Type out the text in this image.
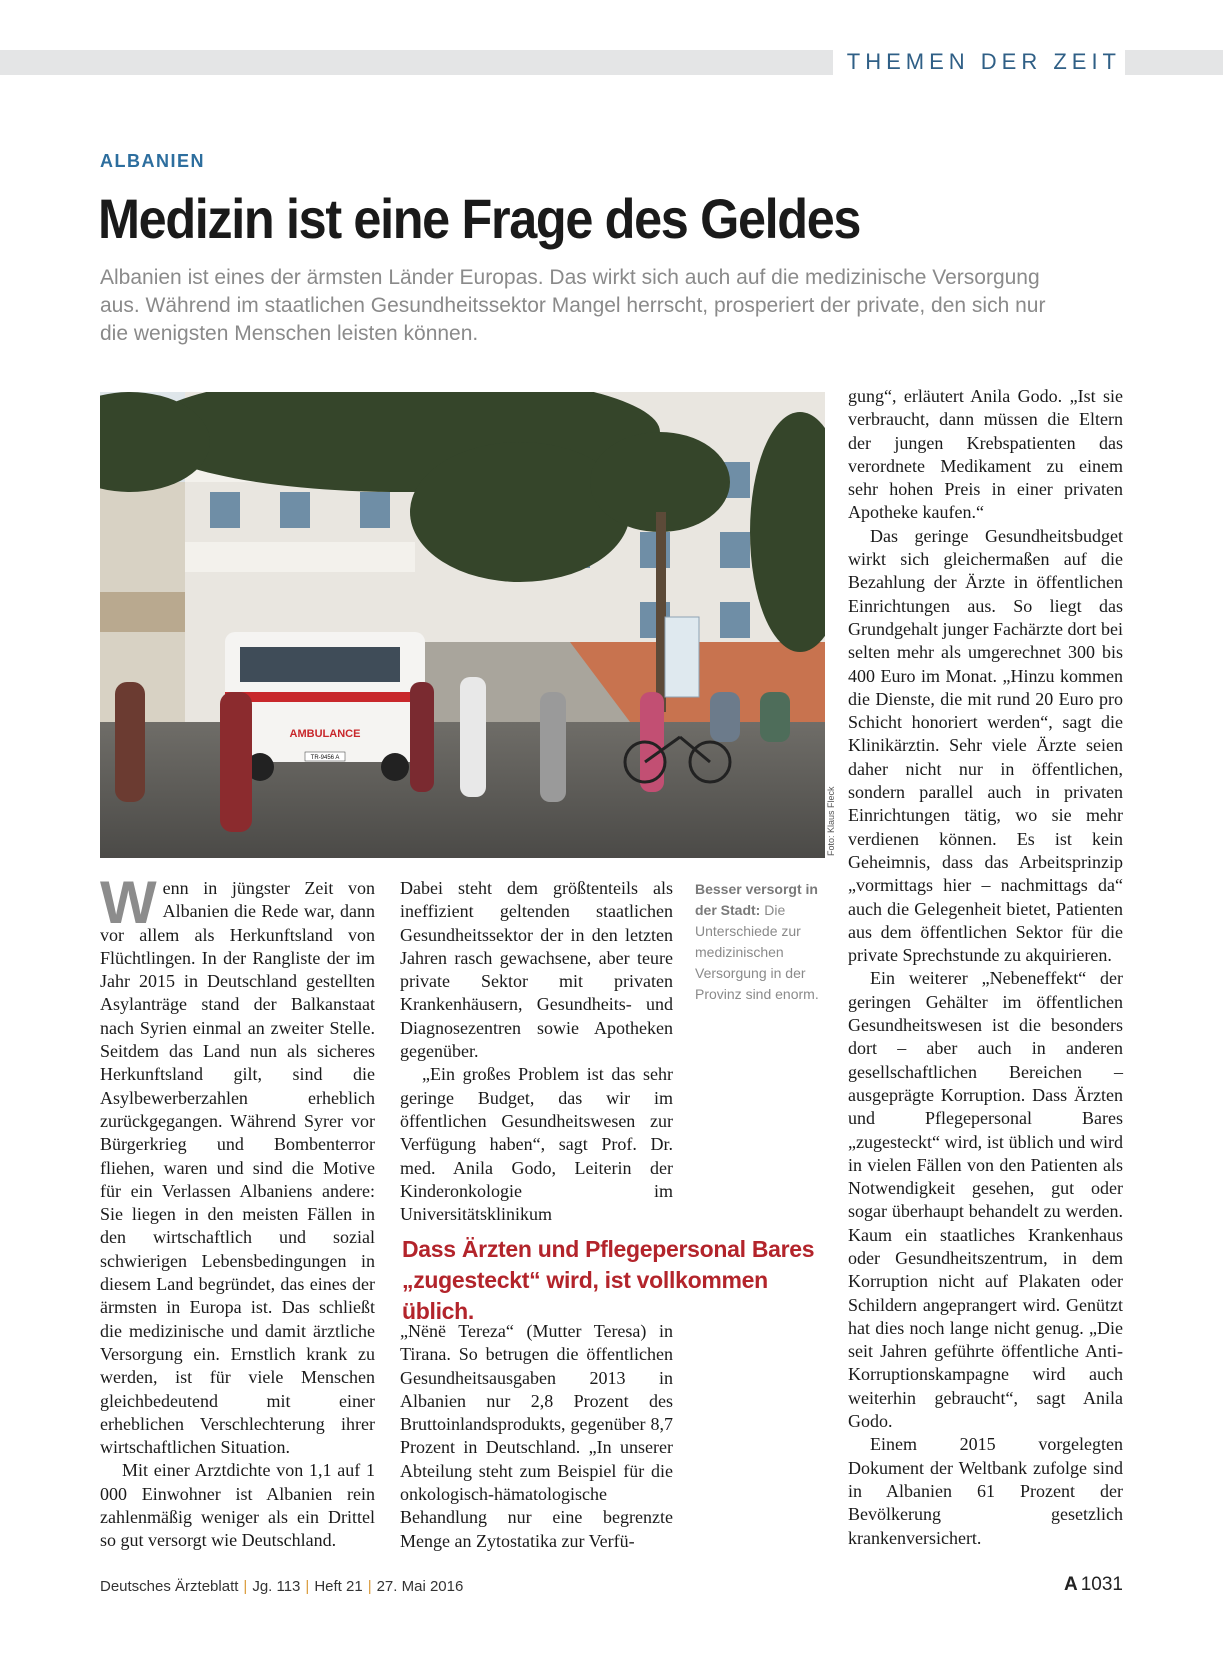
THEMEN DER ZEIT
ALBANIEN
Medizin ist eine Frage des Geldes
Albanien ist eines der ärmsten Länder Europas. Das wirkt sich auch auf die medizinische Versorgung aus. Während im staatlichen Gesundheitssektor Mangel herrscht, prosperiert der private, den sich nur die wenigsten Menschen leisten können.
AMBULANCE
TR-9456 A
Foto: Klaus Fleck

Wenn in jüngster Zeit von Albanien die Rede war, dann vor allem als Herkunftsland von Flüchtlingen. In der Rangliste der im Jahr 2015 in Deutschland gestellten Asylanträge stand der Balkanstaat nach Syrien einmal an zweiter Stelle. Seitdem das Land nun als sicheres Herkunftsland gilt, sind die Asylbewerberzahlen erheblich zurückgegangen. Während Syrer vor Bürgerkrieg und Bombenterror fliehen, waren und sind die Motive für ein Verlassen Albaniens andere: Sie liegen in den meisten Fällen in den wirtschaftlich und sozial schwierigen Lebensbedingungen in diesem Land begründet, das eines der ärmsten in Europa ist. Das schließt die medizinische und damit ärztliche Versorgung ein. Ernstlich krank zu werden, ist für viele Menschen gleichbedeutend mit einer erheblichen Verschlechterung ihrer wirtschaftlichen Situation.

Mit einer Arztdichte von 1,1 auf 1 000 Einwohner ist Albanien rein zahlenmäßig weniger als ein Drittel so gut versorgt wie Deutschland.

Dabei steht dem größtenteils als ineffizient geltenden staatlichen Gesundheitssektor der in den letzten Jahren rasch gewachsene, aber teure private Sektor mit privaten Krankenhäusern, Gesundheits- und Diagnosezentren sowie Apotheken gegenüber.

„Ein großes Problem ist das sehr geringe Budget, das wir im öffentlichen Gesundheitswesen zur Verfügung haben“, sagt Prof. Dr. med. Anila Godo, Leiterin der Kinderonkologie im Universitätsklinikum

Besser versorgt in der Stadt: Die Unterschiede zur medizinischen Versorgung in der Provinz sind enorm.
Dass Ärzten und Pflegepersonal Bares „zugesteckt“ wird, ist vollkommen üblich.

„Nënë Tereza“ (Mutter Teresa) in Tirana. So betrugen die öffentlichen Gesundheitsausgaben 2013 in Albanien nur 2,8 Prozent des Bruttoinlandsprodukts, gegenüber 8,7 Prozent in Deutschland. „In unserer Abteilung steht zum Beispiel für die onkologisch-hämatologische Behandlung nur eine begrenzte Menge an Zytostatika zur Verfü-

gung“, erläutert Anila Godo. „Ist sie verbraucht, dann müssen die Eltern der jungen Krebspatienten das verordnete Medikament zu einem sehr hohen Preis in einer privaten Apotheke kaufen.“

Das geringe Gesundheitsbudget wirkt sich gleichermaßen auf die Bezahlung der Ärzte in öffentlichen Einrichtungen aus. So liegt das Grundgehalt junger Fachärzte dort bei selten mehr als umgerechnet 300 bis 400 Euro im Monat. „Hinzu kommen die Dienste, die mit rund 20 Euro pro Schicht honoriert werden“, sagt die Klinikärztin. Sehr viele Ärzte seien daher nicht nur in öffentlichen, sondern parallel auch in privaten Einrichtungen tätig, wo sie mehr verdienen können. Es ist kein Geheimnis, dass das Arbeitsprinzip „vormittags hier – nachmittags da“ auch die Gelegenheit bietet, Patienten aus dem öffentlichen Sektor für die private Sprechstunde zu akquirieren.

Ein weiterer „Nebeneffekt“ der geringen Gehälter im öffentlichen Gesundheitswesen ist die besonders dort – aber auch in anderen gesellschaftlichen Bereichen – ausgeprägte Korruption. Dass Ärzten und Pflegepersonal Bares „zugesteckt“ wird, ist üblich und wird in vielen Fällen von den Patienten als Notwendigkeit gesehen, gut oder sogar überhaupt behandelt zu werden. Kaum ein staatliches Krankenhaus oder Gesundheitszentrum, in dem Korruption nicht auf Plakaten oder Schildern angeprangert wird. Genützt hat dies noch lange nicht genug. „Die seit Jahren geführte öffentliche Anti-Korruptionskampagne wird auch weiterhin gebraucht“, sagt Anila Godo.

Einem 2015 vorgelegten Dokument der Weltbank zufolge sind in Albanien 61 Prozent der Bevölkerung gesetzlich krankenversichert.

Deutsches Ärzteblatt | Jg. 113 | Heft 21 | 27. Mai 2016	A 1031
